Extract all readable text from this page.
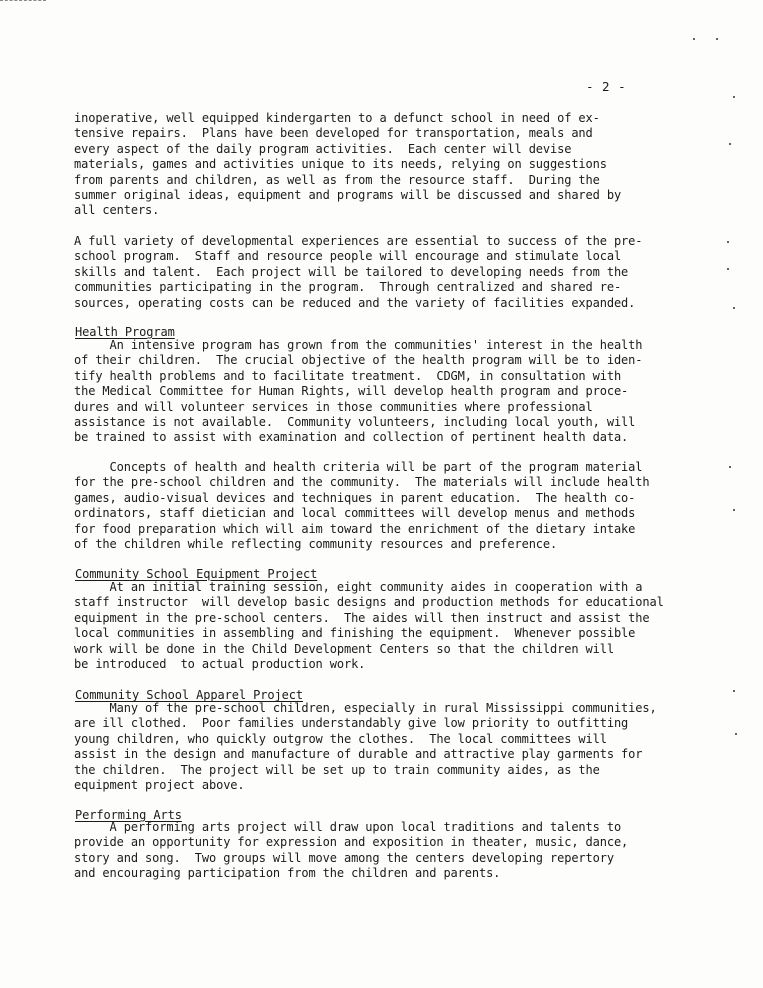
- 2 -

inoperative, well equipped kindergarten to a defunct school in need of ex-
tensive repairs.  Plans have been developed for transportation, meals and
every aspect of the daily program activities.  Each center will devise
materials, games and activities unique to its needs, relying on suggestions
from parents and children, as well as from the resource staff.  During the
summer original ideas, equipment and programs will be discussed and shared by
all centers.

A full variety of developmental experiences are essential to success of the pre-
school program.  Staff and resource people will encourage and stimulate local
skills and talent.  Each project will be tailored to developing needs from the
communities participating in the program.  Through centralized and shared re-
sources, operating costs can be reduced and the variety of facilities expanded.

Health Program

An intensive program has grown from the communities' interest in the health
of their children.  The crucial objective of the health program will be to iden-
tify health problems and to facilitate treatment.  CDGM, in consultation with
the Medical Committee for Human Rights, will develop health program and proce-
dures and will volunteer services in those communities where professional
assistance is not available.  Community volunteers, including local youth, will
be trained to assist with examination and collection of pertinent health data.

Concepts of health and health criteria will be part of the program material
for the pre-school children and the community.  The materials will include health
games, audio-visual devices and techniques in parent education.  The health co-
ordinators, staff dietician and local committees will develop menus and methods
for food preparation which will aim toward the enrichment of the dietary intake
of the children while reflecting community resources and preference.

Community School Equipment Project

At an initial training session, eight community aides in cooperation with a
staff instructor  will develop basic designs and production methods for educational
equipment in the pre-school centers.  The aides will then instruct and assist the
local communities in assembling and finishing the equipment.  Whenever possible
work will be done in the Child Development Centers so that the children will
be introduced  to actual production work.

Community School Apparel Project

Many of the pre-school children, especially in rural Mississippi communities,
are ill clothed.  Poor families understandably give low priority to outfitting
young children, who quickly outgrow the clothes.  The local committees will
assist in the design and manufacture of durable and attractive play garments for
the children.  The project will be set up to train community aides, as the
equipment project above.

Performing Arts

A performing arts project will draw upon local traditions and talents to
provide an opportunity for expression and exposition in theater, music, dance,
story and song.  Two groups will move among the centers developing repertory
and encouraging participation from the children and parents.
